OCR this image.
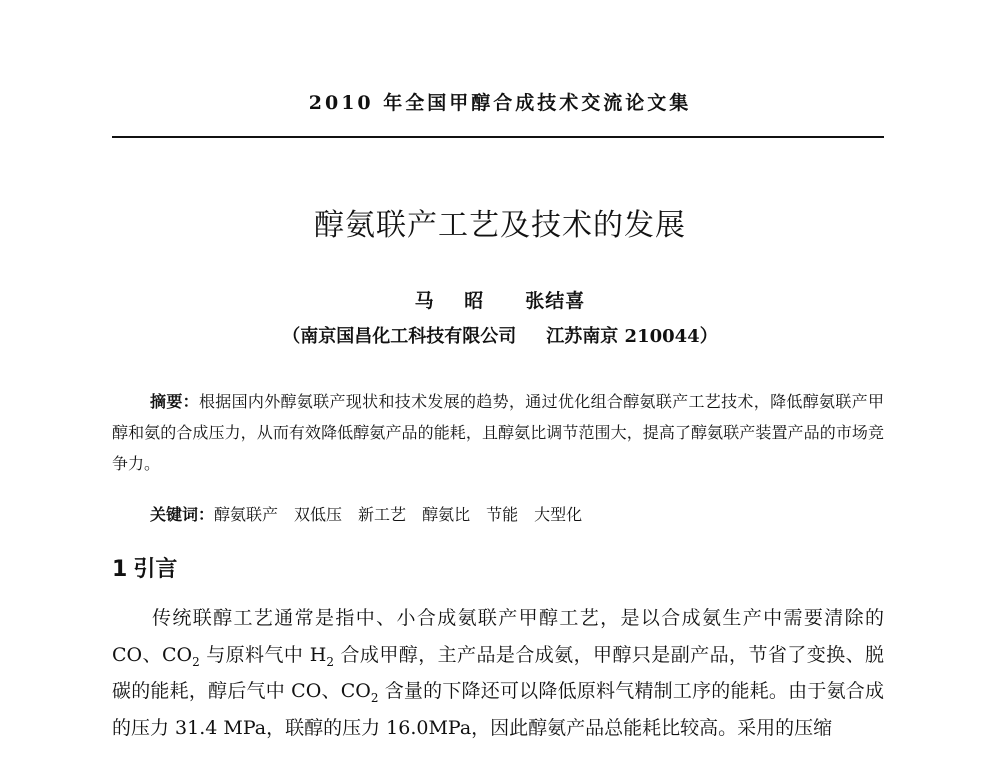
2010 年全国甲醇合成技术交流论文集
醇氨联产工艺及技术的发展
马 昭 张结喜
（南京国昌化工科技有限公司 江苏南京 210044）
摘要：根据国内外醇氨联产现状和技术发展的趋势，通过优化组合醇氨联产工艺技术，降低醇氨联产甲醇和氨的合成压力，从而有效降低醇氨产品的能耗，且醇氨比调节范围大，提高了醇氨联产装置产品的市场竞争力。
关键词：醇氨联产 双低压 新工艺 醇氨比 节能 大型化
1 引言
传统联醇工艺通常是指中、小合成氨联产甲醇工艺，是以合成氨生产中需要清除的 CO、$CO_2$ 与原料气中 $H_2$ 合成甲醇，主产品是合成氨，甲醇只是副产品，节省了变换、脱碳的能耗，醇后气中 CO、$CO_2$ 含量的下降还可以降低原料气精制工序的能耗。由于氨合成的压力 31.4 MPa，联醇的压力 16.0MPa，因此醇氨产品总能耗比较高。采用的压缩
